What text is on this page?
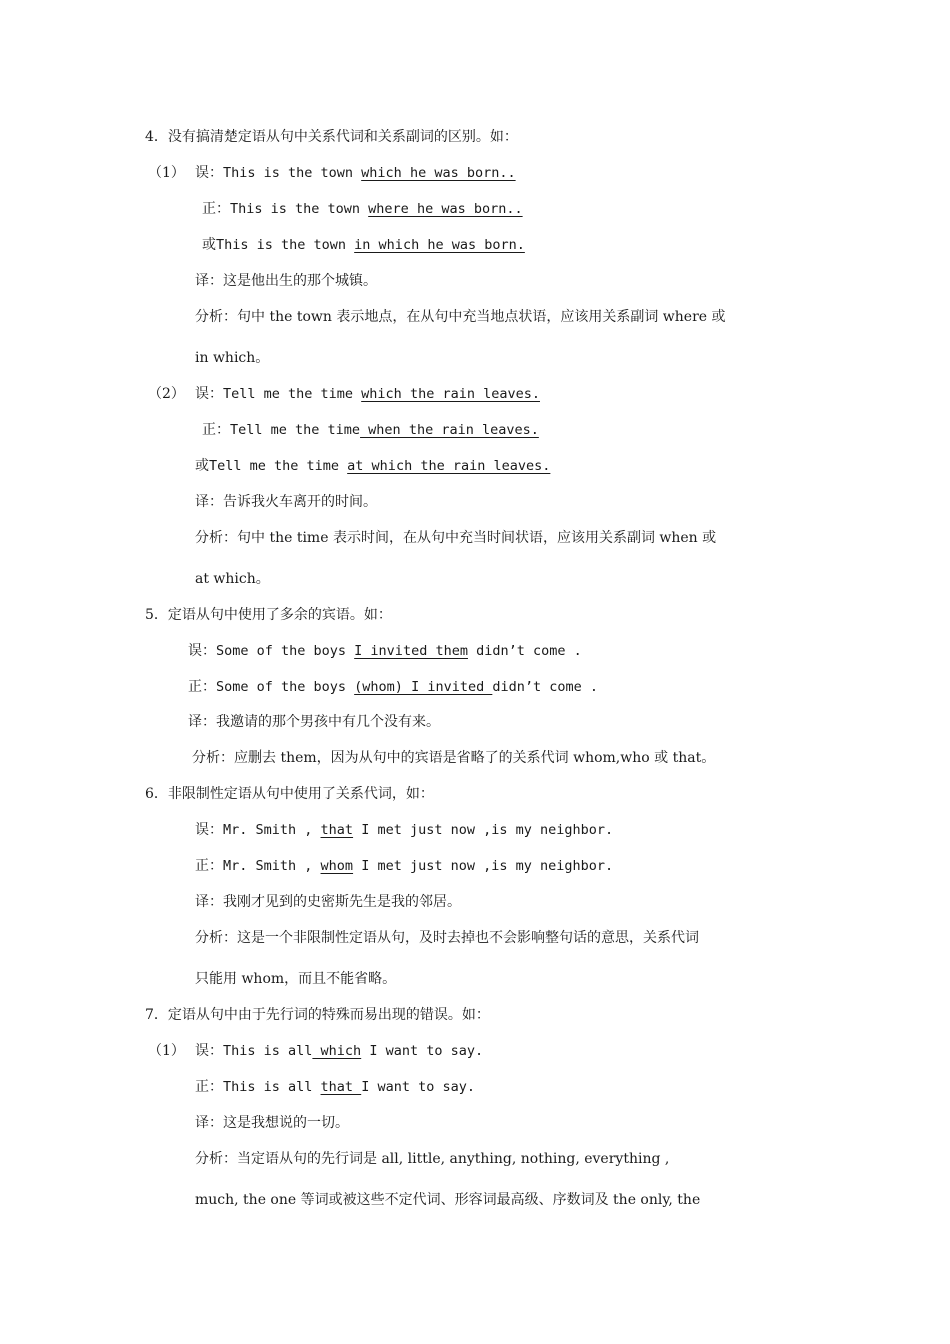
4．没有搞清楚定语从句中关系代词和关系副词的区别。如：
（1） 误：This is the town which he was born..
正：This is the town where he was born..
或This is the town in which he was born.
译：这是他出生的那个城镇。
分析：句中 the town 表示地点，在从句中充当地点状语，应该用关系副词 where 或
in which。
（2） 误：Tell me the time which the rain leaves.
正：Tell me the time when the rain leaves.
或Tell me the time at which the rain leaves.
译：告诉我火车离开的时间。
分析：句中 the time 表示时间，在从句中充当时间状语，应该用关系副词 when 或
at which。
5．定语从句中使用了多余的宾语。如：
误：Some of the boys I invited them didn’t come .
正：Some of the boys (whom) I invited didn’t come .
译：我邀请的那个男孩中有几个没有来。
分析：应删去 them，因为从句中的宾语是省略了的关系代词 whom,who 或 that。
6．非限制性定语从句中使用了关系代词，如：
误：Mr. Smith , that I met just now ,is my neighbor.
正：Mr. Smith , whom I met just now ,is my neighbor.
译：我刚才见到的史密斯先生是我的邻居。
分析：这是一个非限制性定语从句，及时去掉也不会影响整句话的意思，关系代词
只能用 whom，而且不能省略。
7．定语从句中由于先行词的特殊而易出现的错误。如：
（1） 误：This is all which I want to say.
正：This is all that I want to say.
译：这是我想说的一切。
分析：当定语从句的先行词是 all, little, anything, nothing, everything ,
much, the one 等词或被这些不定代词、形容词最高级、序数词及 the only, the
